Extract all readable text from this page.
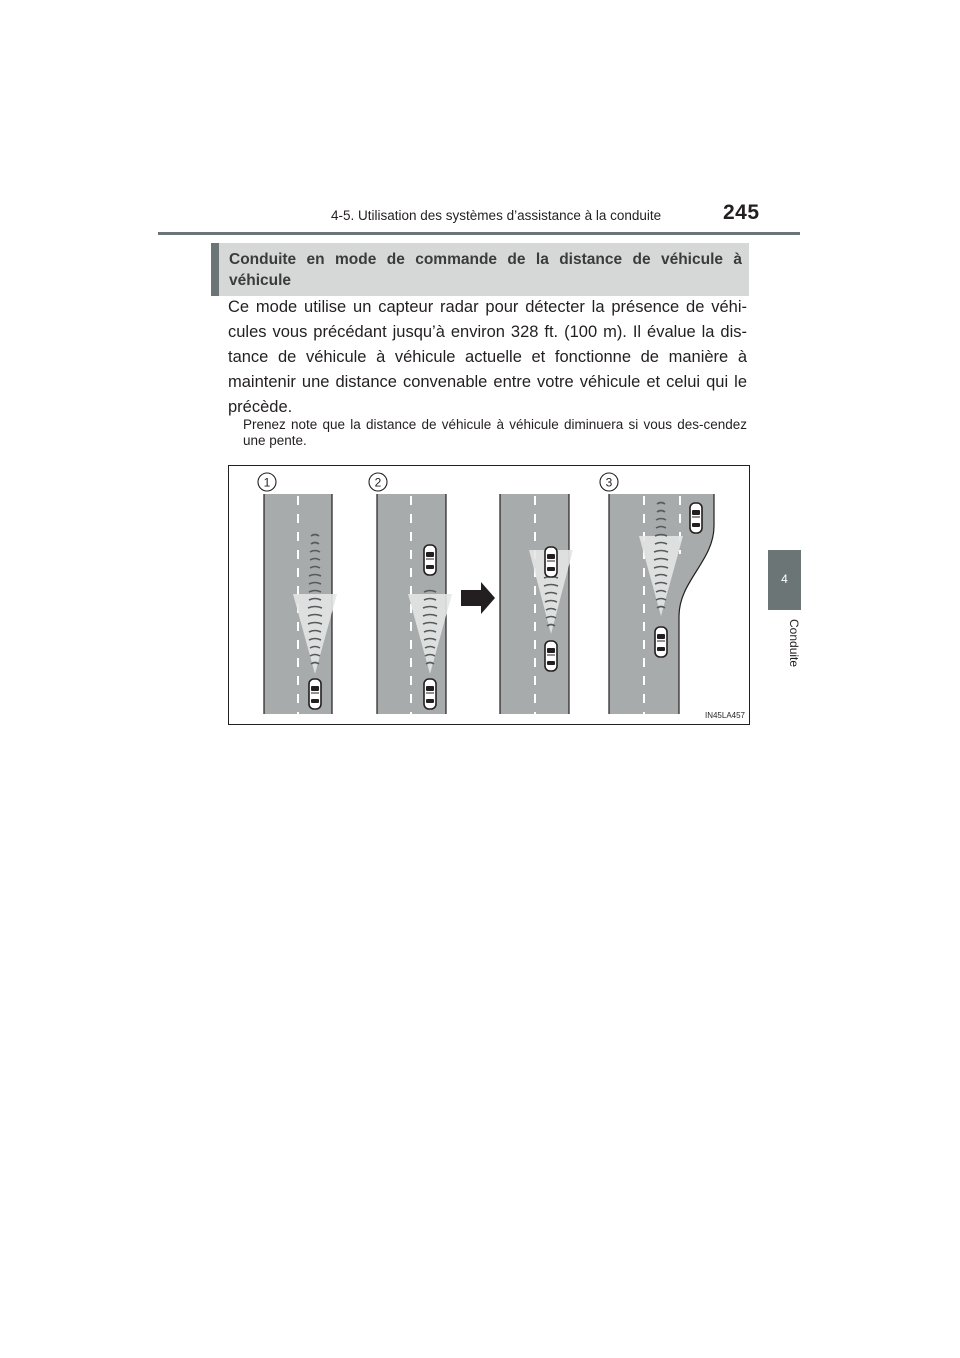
4-5. Utilisation des systèmes d’assistance à la conduite	245
4
Conduite
Conduite en mode de commande de la distance de véhicule à véhicule

Ce mode utilise un capteur radar pour détecter la présence de véhi-cules vous précédant jusqu’à environ 328 ft. (100 m). Il évalue la dis-tance de véhicule à véhicule actuelle et fonctionne de manière à maintenir une distance convenable entre votre véhicule et celui qui le précède.

Prenez note que la distance de véhicule à véhicule diminuera si vous des-cendez une pente.

1	2	3
IN45LA457
